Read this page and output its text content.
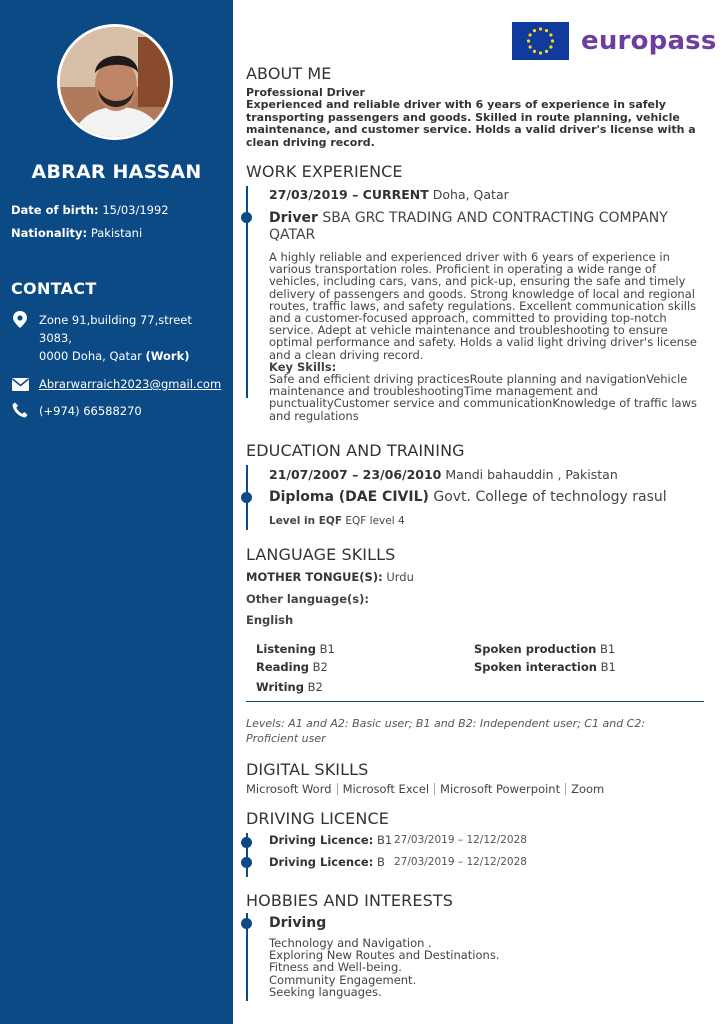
ABRAR HASSAN
Date of birth: 15/03/1992
Nationality: Pakistani
CONTACT
Zone 91,building 77,street
3083,
0000 Doha, Qatar (Work)
Abrarwarraich2023@gmail.com
(+974) 66588270
europass
ABOUT ME
Professional Driver
Experienced and reliable driver with 6 years of experience in safely transporting passengers and goods. Skilled in route planning, vehicle maintenance, and customer service. Holds a valid driver's license with a clean driving record.
WORK EXPERIENCE
27/03/2019 – CURRENT Doha, Qatar
Driver SBA GRC TRADING AND CONTRACTING COMPANY QATAR
A highly reliable and experienced driver with 6 years of experience in various transportation roles. Proficient in operating a wide range of vehicles, including cars, vans, and pick-up, ensuring the safe and timely delivery of passengers and goods. Strong knowledge of local and regional routes, traffic laws, and safety regulations. Excellent communication skills and a customer-focused approach, committed to providing top-notch service. Adept at vehicle maintenance and troubleshooting to ensure optimal performance and safety. Holds a valid light driving driver's license and a clean driving record.
Key Skills:
Safe and efficient driving practicesRoute planning and navigationVehicle maintenance and troubleshootingTime management and punctualityCustomer service and communicationKnowledge of traffic laws and regulations
EDUCATION AND TRAINING
21/07/2007 – 23/06/2010 Mandi bahauddin , Pakistan
Diploma (DAE CIVIL) Govt. College of technology rasul
Level in EQF EQF level 4
LANGUAGE SKILLS
MOTHER TONGUE(S): Urdu
Other language(s):
English
Listening B1
Reading B2
Writing B2
Spoken production B1
Spoken interaction B1
Levels: A1 and A2: Basic user; B1 and B2: Independent user; C1 and C2: Proficient user
DIGITAL SKILLS
Microsoft Word Microsoft Excel Microsoft Powerpoint Zoom
DRIVING LICENCE
Driving Licence: B1 27/03/2019 – 12/12/2028
Driving Licence: B 27/03/2019 – 12/12/2028
HOBBIES AND INTERESTS
Driving
Technology and Navigation .
Exploring New Routes and Destinations.
Fitness and Well-being.
Community Engagement.
Seeking languages.
